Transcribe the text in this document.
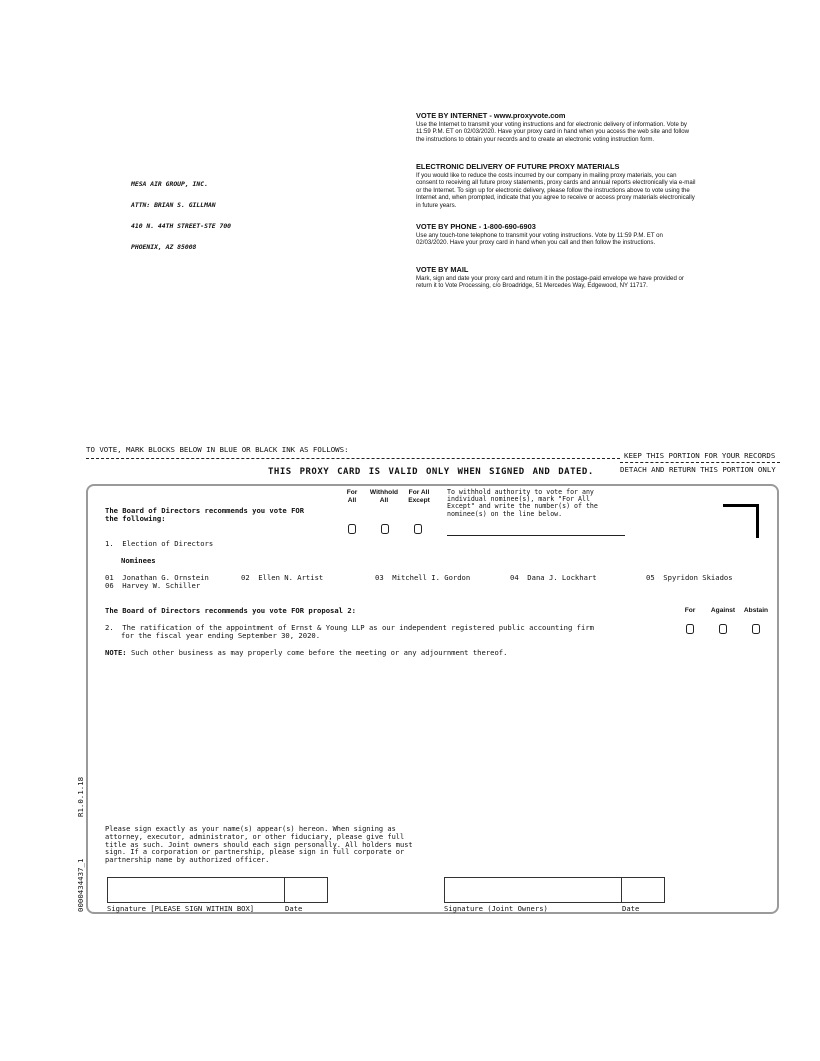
MESA AIR GROUP, INC.

ATTN: BRIAN S. GILLMAN

410 N. 44TH STREET-STE 700

PHOENIX, AZ 85008

VOTE BY INTERNET - www.proxyvote.com
Use the Internet to transmit your voting instructions and for electronic delivery of information. Vote by 11:59 P.M. ET on 02/03/2020. Have your proxy card in hand when you access the web site and follow the instructions to obtain your records and to create an electronic voting instruction form.
ELECTRONIC DELIVERY OF FUTURE PROXY MATERIALS
If you would like to reduce the costs incurred by our company in mailing proxy materials, you can consent to receiving all future proxy statements, proxy cards and annual reports electronically via e-mail or the Internet. To sign up for electronic delivery, please follow the instructions above to vote using the Internet and, when prompted, indicate that you agree to receive or access proxy materials electronically in future years.
VOTE BY PHONE - 1-800-690-6903
Use any touch-tone telephone to transmit your voting instructions. Vote by 11:59 P.M. ET on 02/03/2020. Have your proxy card in hand when you call and then follow the instructions.
VOTE BY MAIL
Mark, sign and date your proxy card and return it in the postage-paid envelope we have provided or return it to Vote Processing, c/o Broadridge, 51 Mercedes Way, Edgewood, NY 11717.
TO VOTE, MARK BLOCKS BELOW IN BLUE OR BLACK INK AS FOLLOWS:
KEEP THIS PORTION FOR YOUR RECORDS
DETACH AND RETURN THIS PORTION ONLY
THIS PROXY CARD IS VALID ONLY WHEN SIGNED AND DATED.
0000434437_1
R1.0.1.18
The Board of Directors recommends you vote FOR
the following:
For
All
Withhold
All
For All
Except
To withhold authority to vote for any
individual nominee(s), mark "For All
Except" and write the number(s) of the
nominee(s) on the line below.
1.  Election of Directors
Nominees
01  Jonathan G. Ornstein	02  Ellen N. Artist	03  Mitchell I. Gordon	04  Dana J. Lockhart	05  Spyridon Skiados
06  Harvey W. Schiller
The Board of Directors recommends you vote FOR proposal 2:	For	Against	Abstain
2.  The ratification of the appointment of Ernst & Young LLP as our independent registered public accounting firm
for the fiscal year ending September 30, 2020.
NOTE: Such other business as may properly come before the meeting or any adjournment thereof.
Please sign exactly as your name(s) appear(s) hereon. When signing as
attorney, executor, administrator, or other fiduciary, please give full
title as such. Joint owners should each sign personally. All holders must
sign. If a corporation or partnership, please sign in full corporate or
partnership name by authorized officer.
Signature [PLEASE SIGN WITHIN BOX]	Date	Signature (Joint Owners)	Date
